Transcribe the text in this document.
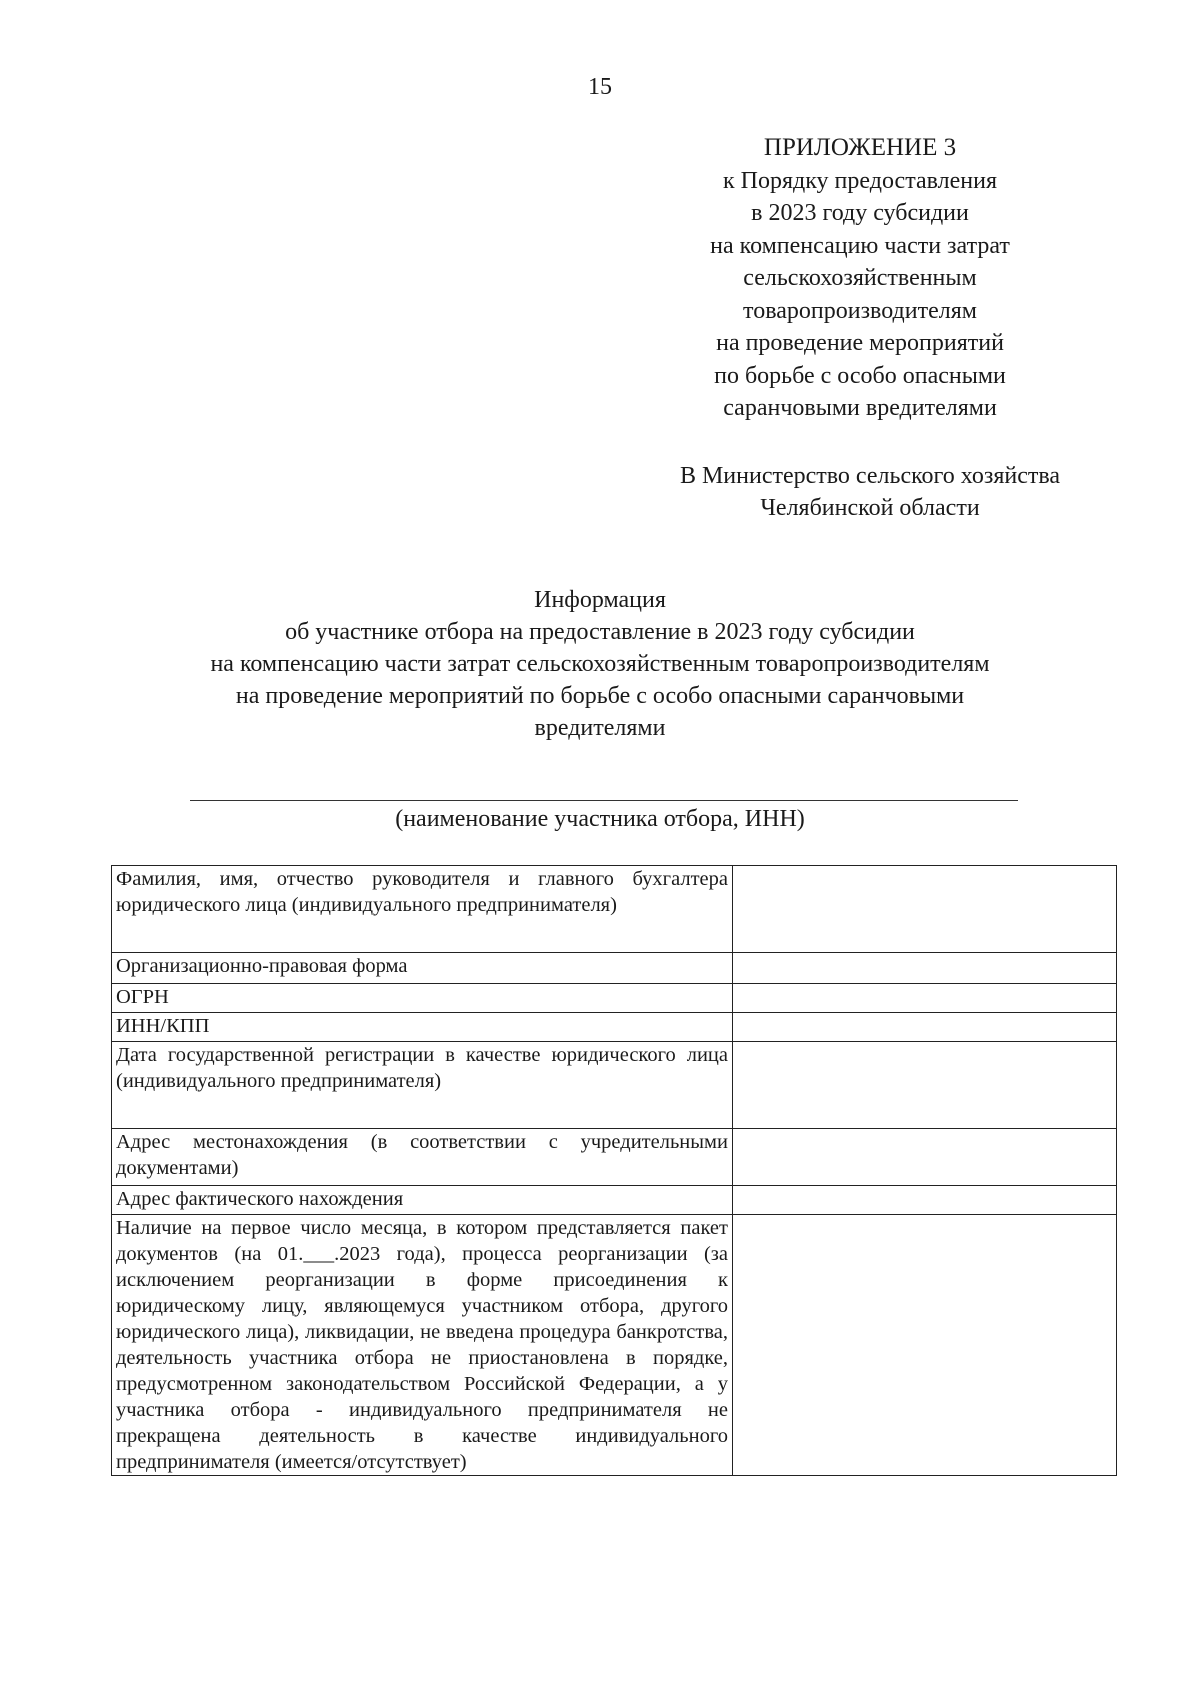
15
ПРИЛОЖЕНИЕ 3
к Порядку предоставления
в 2023 году субсидии
на компенсацию части затрат
сельскохозяйственным
товаропроизводителям
на проведение мероприятий
по борьбе с особо опасными
саранчовыми вредителями
В Министерство сельского хозяйства
Челябинской области
Информация
об участнике отбора на предоставление в 2023 году субсидии
на компенсацию части затрат сельскохозяйственным товаропроизводителям
на проведение мероприятий по борьбе с особо опасными саранчовыми
вредителями
(наименование участника отбора, ИНН)
Фамилия, имя, отчество руководителя и главного бухгалтера юридического лица (индивидуального предпринимателя)	
Организационно-правовая форма	
ОГРН	
ИНН/КПП	
Дата государственной регистрации в качестве юридического лица (индивидуального предпринимателя)	
Адрес местонахождения (в соответствии с учредительными документами)	
Адрес фактического нахождения	
Наличие на первое число месяца, в котором представляется пакет документов (на 01.___.2023 года), процесса реорганизации (за исключением реорганизации в форме присоединения к юридическому лицу, являющемуся участником отбора, другого юридического лица), ликвидации, не введена процедура банкротства, деятельность участника отбора не приостановлена в порядке, предусмотренном законодательством Российской Федерации, а у участника отбора - индивидуального предпринимателя не прекращена деятельность в качестве индивидуального предпринимателя (имеется/отсутствует)	
